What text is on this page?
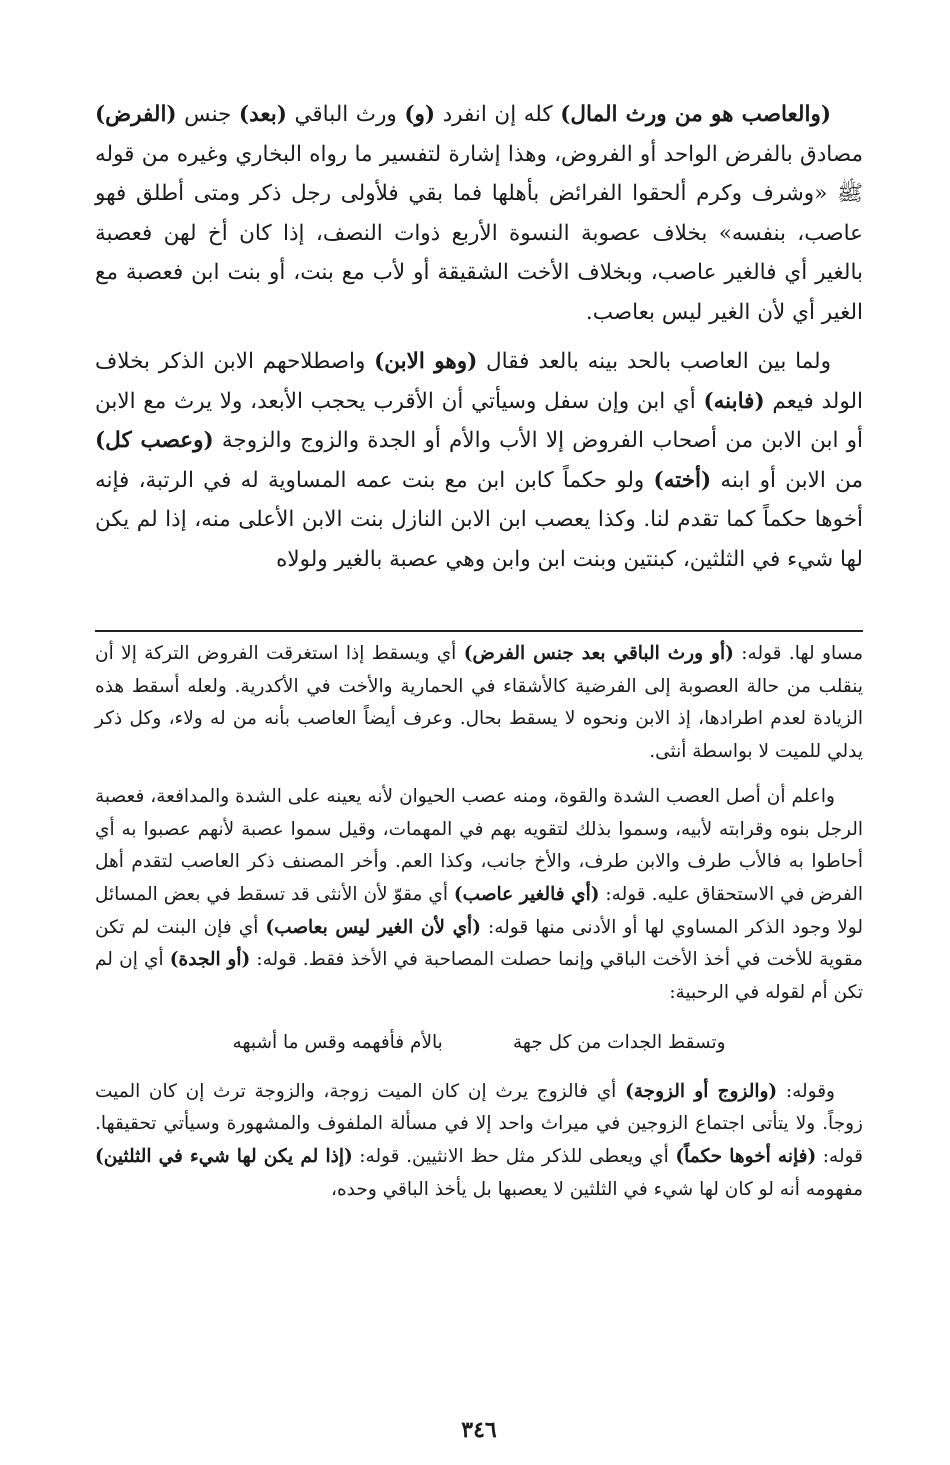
(والعاصب هو من ورث المال) كله إن انفرد (و) ورث الباقي (بعد) جنس (الفرض) مصادق بالفرض الواحد أو الفروض، وهذا إشارة لتفسير ما رواه البخاري وغيره من قوله ﷺ «وشرف وكرم ألحقوا الفرائض بأهلها فما بقي فلأولى رجل ذكر ومتى أطلق فهو عاصب، بنفسه» بخلاف عصوبة النسوة الأربع ذوات النصف، إذا كان أخ لهن فعصبة بالغير أي فالغير عاصب، وبخلاف الأخت الشقيقة أو لأب مع بنت، أو بنت ابن فعصبة مع الغير أي لأن الغير ليس بعاصب.

ولما بين العاصب بالحد بينه بالعد فقال (وهو الابن) واصطلاحهم الابن الذكر بخلاف الولد فيعم (فابنه) أي ابن وإن سفل وسيأتي أن الأقرب يحجب الأبعد، ولا يرث مع الابن أو ابن الابن من أصحاب الفروض إلا الأب والأم أو الجدة والزوج والزوجة (وعصب كل) من الابن أو ابنه (أخته) ولو حكماً كابن ابن مع بنت عمه المساوية له في الرتبة، فإنه أخوها حكماً كما تقدم لنا. وكذا يعصب ابن الابن النازل بنت الابن الأعلى منه، إذا لم يكن لها شيء في الثلثين، كبنتين وبنت ابن وابن وهي عصبة بالغير ولولاه

مساو لها. قوله: (أو ورث الباقي بعد جنس الفرض) أي ويسقط إذا استغرقت الفروض التركة إلا أن ينقلب من حالة العصوبة إلى الفرضية كالأشقاء في الحمارية والأخت في الأكدرية. ولعله أسقط هذه الزيادة لعدم اطرادها، إذ الابن ونحوه لا يسقط بحال. وعرف أيضاً العاصب بأنه من له ولاء، وكل ذكر يدلي للميت لا بواسطة أنثى.

واعلم أن أصل العصب الشدة والقوة، ومنه عصب الحيوان لأنه يعينه على الشدة والمدافعة، فعصبة الرجل بنوه وقرابته لأبيه، وسموا بذلك لتقويه بهم في المهمات، وقيل سموا عصبة لأنهم عصبوا به أي أحاطوا به فالأب طرف والابن طرف، والأخ جانب، وكذا العم. وأخر المصنف ذكر العاصب لتقدم أهل الفرض في الاستحقاق عليه. قوله: (أي فالغير عاصب) أي مقوّ لأن الأنثى قد تسقط في بعض المسائل لولا وجود الذكر المساوي لها أو الأدنى منها قوله: (أي لأن الغير ليس بعاصب) أي فإن البنت لم تكن مقوية للأخت في أخذ الأخت الباقي وإنما حصلت المصاحبة في الأخذ فقط. قوله: (أو الجدة) أي إن لم تكن أم لقوله في الرحبية:

وتسقط الجدات من كل جهة
بالأم فأفهمه وقس ما أشبهه

وقوله: (والزوج أو الزوجة) أي فالزوج يرث إن كان الميت زوجة، والزوجة ترث إن كان الميت زوجاً. ولا يتأتى اجتماع الزوجين في ميراث واحد إلا في مسألة الملفوف والمشهورة وسيأتي تحقيقها. قوله: (فإنه أخوها حكماً) أي ويعطى للذكر مثل حظ الانثيين. قوله: (إذا لم يكن لها شيء في الثلثين) مفهومه أنه لو كان لها شيء في الثلثين لا يعصبها بل يأخذ الباقي وحده،

٣٤٦
